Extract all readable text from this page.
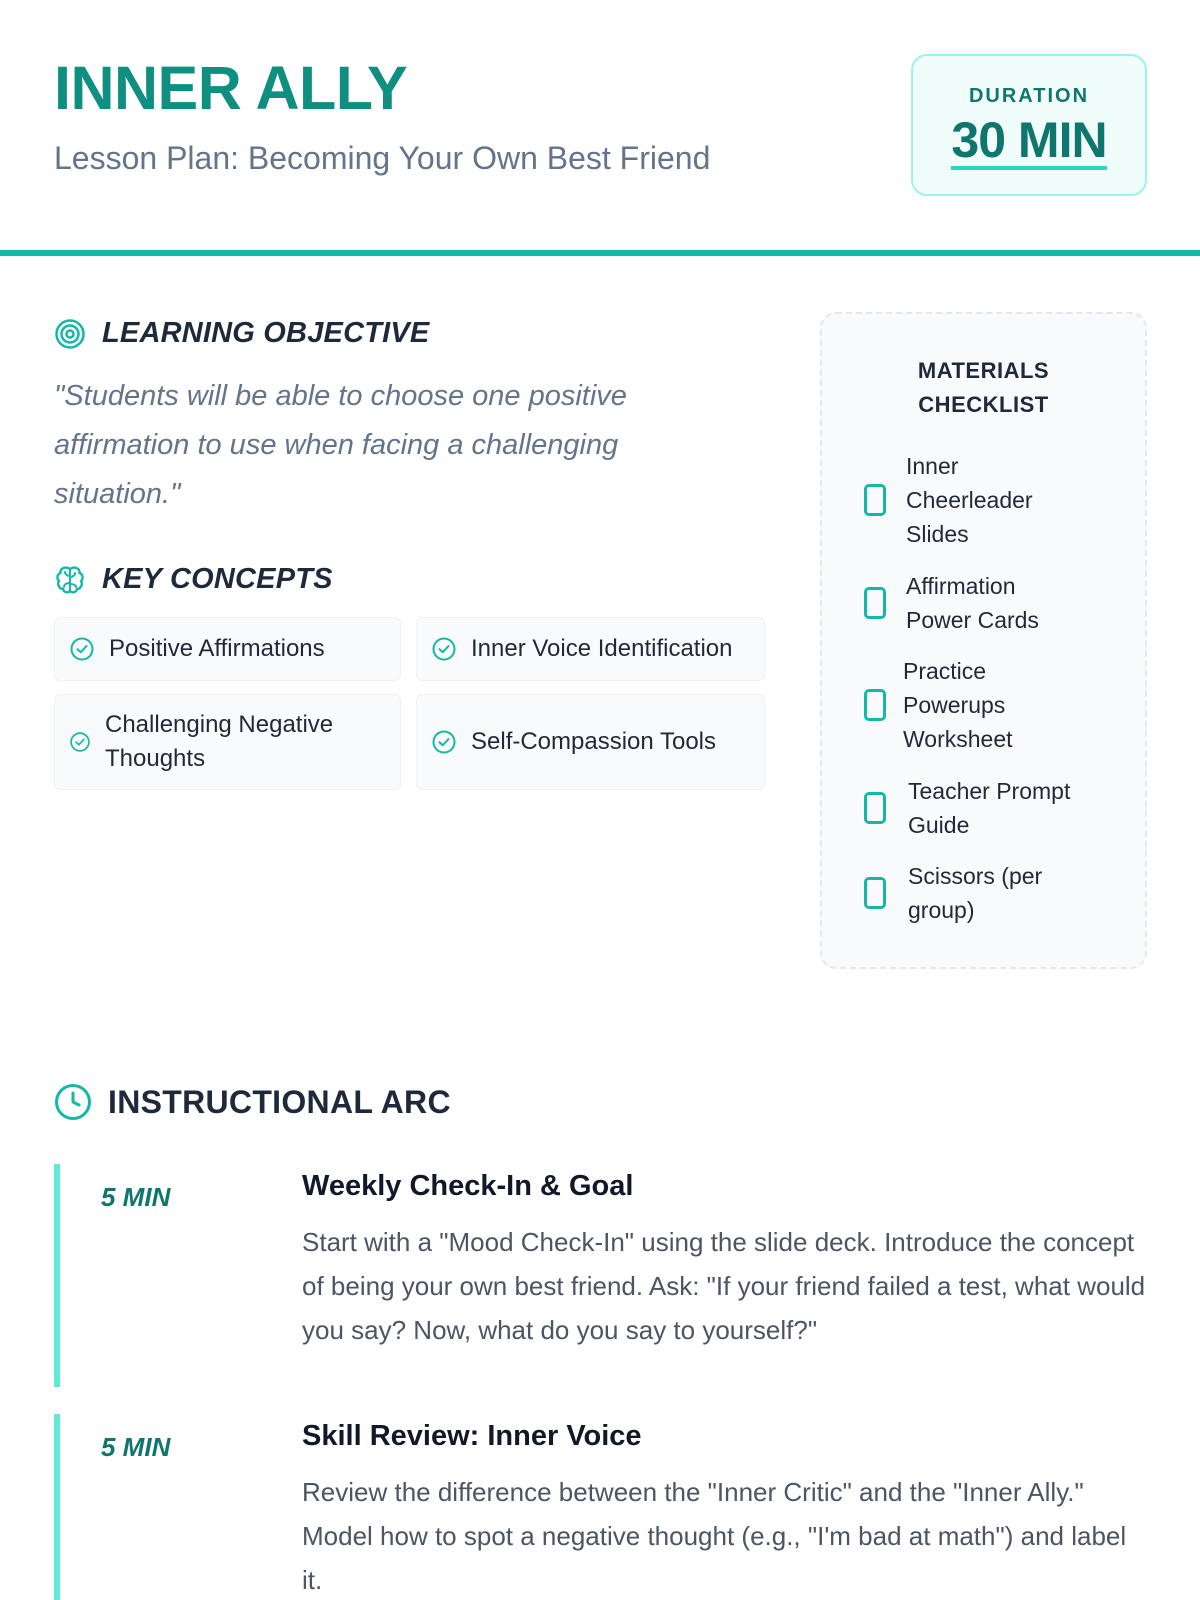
INNER ALLY
Lesson Plan: Becoming Your Own Best Friend
DURATION
30 MIN
LEARNING OBJECTIVE
"Students will be able to choose one positive affirmation to use when facing a challenging situation."
KEY CONCEPTS
Positive Affirmations	Inner Voice Identification
Challenging Negative Thoughts
Self-Compassion Tools
MATERIALS CHECKLIST
Inner Cheerleader Slides
Affirmation Power Cards
Practice Powerups Worksheet
Teacher Prompt Guide
Scissors (per group)
INSTRUCTIONAL ARC
5 MIN	Weekly Check-In & Goal
Start with a "Mood Check-In" using the slide deck. Introduce the concept of being your own best friend. Ask: "If your friend failed a test, what would you say? Now, what do you say to yourself?"
5 MIN	Skill Review: Inner Voice
Review the difference between the "Inner Critic" and the "Inner Ally." Model how to spot a negative thought (e.g., "I'm bad at math") and label it.
